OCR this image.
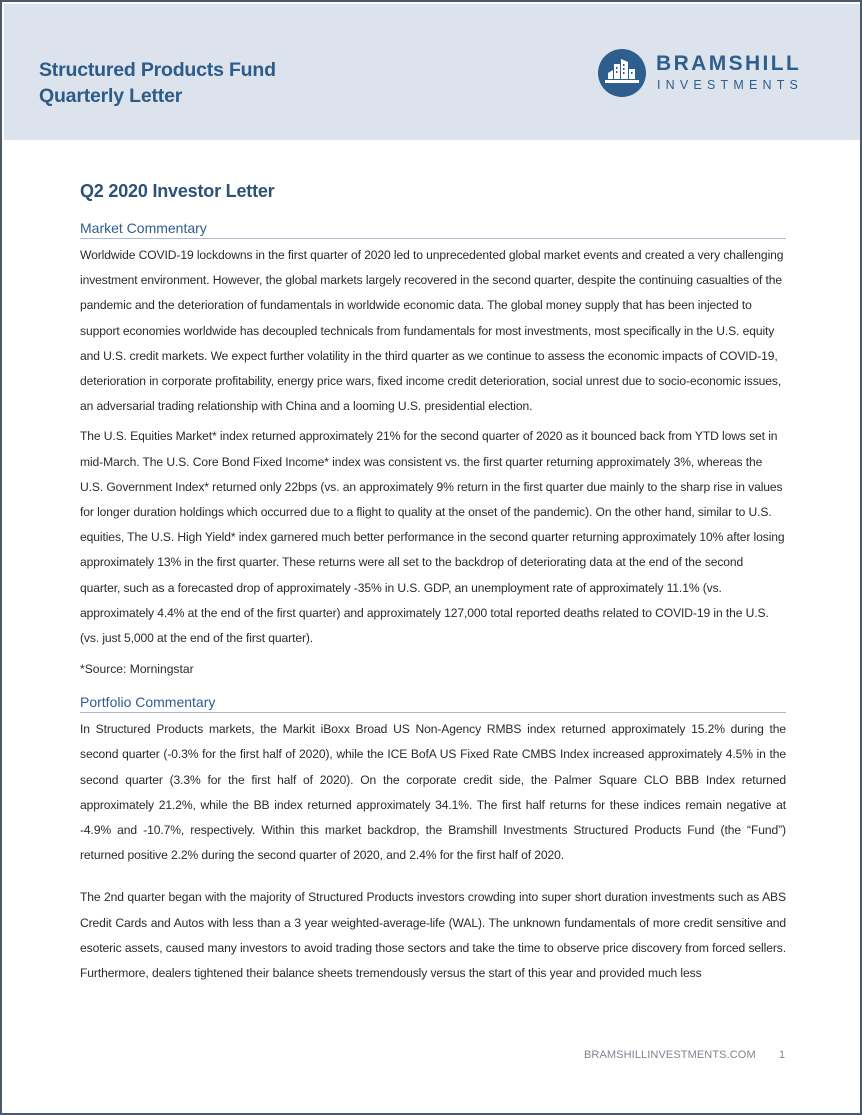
Structured Products Fund
Quarterly Letter
BRAMSHILL
INVESTMENTS
Q2 2020 Investor Letter
Market Commentary

Worldwide COVID-19 lockdowns in the first quarter of 2020 led to unprecedented global market events and created a very challenging investment environment. However, the global markets largely recovered in the second quarter, despite the continuing casualties of the pandemic and the deterioration of fundamentals in worldwide economic data. The global money supply that has been injected to support economies worldwide has decoupled technicals from fundamentals for most investments, most specifically in the U.S. equity and U.S. credit markets. We expect further volatility in the third quarter as we continue to assess the economic impacts of COVID-19, deterioration in corporate profitability, energy price wars, fixed income credit deterioration, social unrest due to socio-economic issues, an adversarial trading relationship with China and a looming U.S. presidential election.

The U.S. Equities Market* index returned approximately 21% for the second quarter of 2020 as it bounced back from YTD lows set in mid-March. The U.S. Core Bond Fixed Income* index was consistent vs. the first quarter returning approximately 3%, whereas the U.S. Government Index* returned only 22bps (vs. an approximately 9% return in the first quarter due mainly to the sharp rise in values for longer duration holdings which occurred due to a flight to quality at the onset of the pandemic). On the other hand, similar to U.S. equities, The U.S. High Yield* index garnered much better performance in the second quarter returning approximately 10% after losing approximately 13% in the first quarter. These returns were all set to the backdrop of deteriorating data at the end of the second quarter, such as a forecasted drop of approximately -35% in U.S. GDP, an unemployment rate of approximately 11.1% (vs. approximately 4.4% at the end of the first quarter) and approximately 127,000 total reported deaths related to COVID-19 in the U.S. (vs. just 5,000 at the end of the first quarter).

*Source: Morningstar
Portfolio Commentary

In Structured Products markets, the Markit iBoxx Broad US Non-Agency RMBS index returned approximately 15.2% during the second quarter (-0.3% for the first half of 2020), while the ICE BofA US Fixed Rate CMBS Index increased approximately 4.5% in the second quarter (3.3% for the first half of 2020). On the corporate credit side, the Palmer Square CLO BBB Index returned approximately 21.2%, while the BB index returned approximately 34.1%. The first half returns for these indices remain negative at -4.9% and -10.7%, respectively. Within this market backdrop, the Bramshill Investments Structured Products Fund (the “Fund”) returned positive 2.2% during the second quarter of 2020, and 2.4% for the first half of 2020.

The 2nd quarter began with the majority of Structured Products investors crowding into super short duration investments such as ABS Credit Cards and Autos with less than a 3 year weighted-average-life (WAL). The unknown fundamentals of more credit sensitive and esoteric assets, caused many investors to avoid trading those sectors and take the time to observe price discovery from forced sellers. Furthermore, dealers tightened their balance sheets tremendously versus the start of this year and provided much less

BRAMSHILLINVESTMENTS.COM 1
